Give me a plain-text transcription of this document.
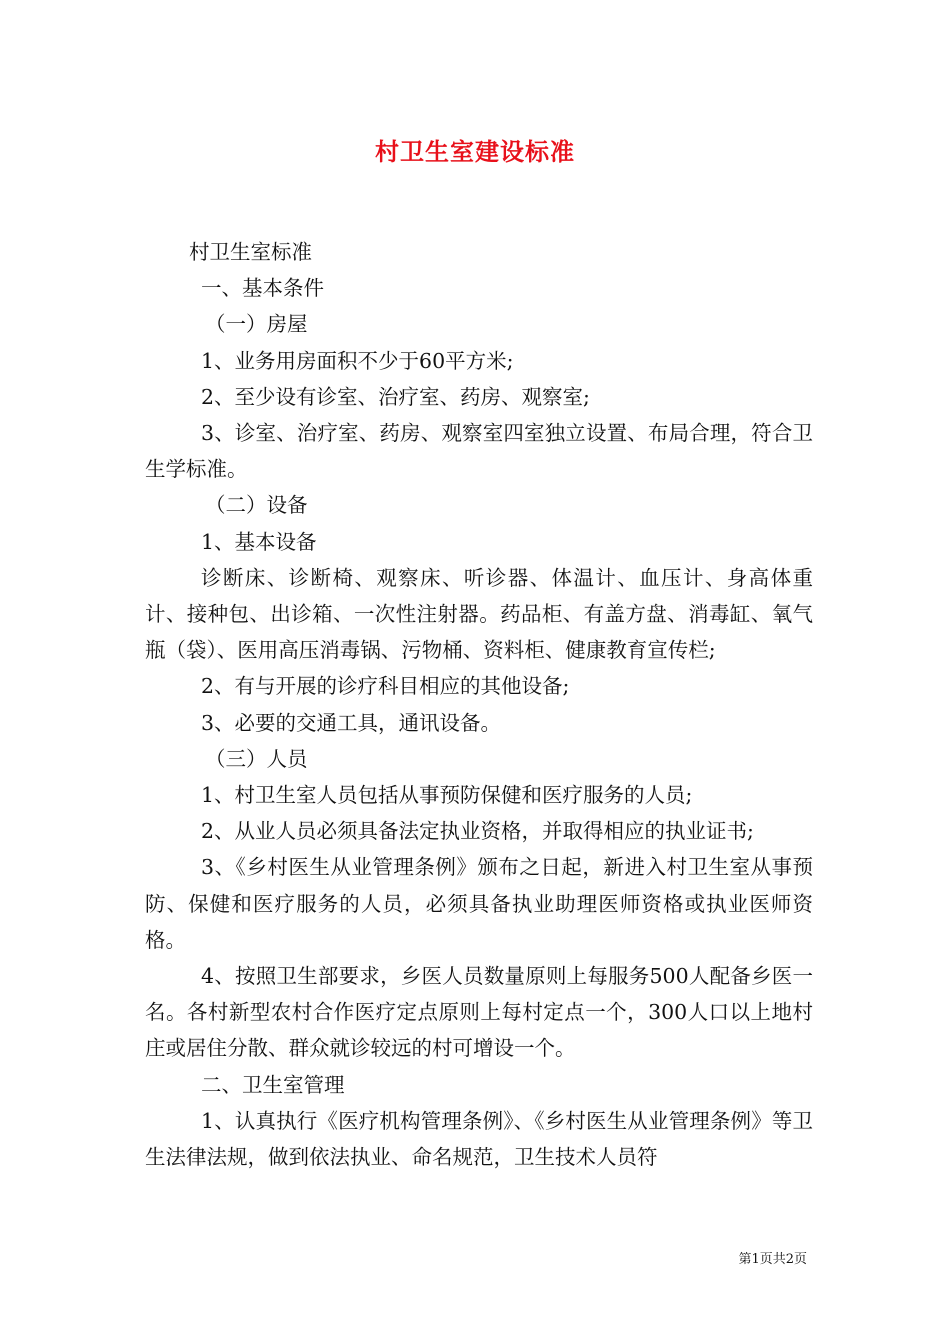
村卫生室建设标准

村卫生室标准

一、基本条件

（一）房屋

1、业务用房面积不少于60平方米;

2、至少设有诊室、治疗室、药房、观察室;

3、诊室、治疗室、药房、观察室四室独立设置、布局合理，符合卫生学标准。

（二）设备

1、基本设备

诊断床、诊断椅、观察床、听诊器、体温计、血压计、身高体重计、接种包、出诊箱、一次性注射器。药品柜、有盖方盘、消毒缸、氧气瓶（袋）、医用高压消毒锅、污物桶、资料柜、健康教育宣传栏;

2、有与开展的诊疗科目相应的其他设备;

3、必要的交通工具，通讯设备。

（三）人员

1、村卫生室人员包括从事预防保健和医疗服务的人员;

2、从业人员必须具备法定执业资格，并取得相应的执业证书;

3、《乡村医生从业管理条例》颁布之日起，新进入村卫生室从事预防、保健和医疗服务的人员，必须具备执业助理医师资格或执业医师资格。

4、按照卫生部要求，乡医人员数量原则上每服务500人配备乡医一名。各村新型农村合作医疗定点原则上每村定点一个，300人口以上地村庄或居住分散、群众就诊较远的村可增设一个。

二、卫生室管理

1、认真执行《医疗机构管理条例》、《乡村医生从业管理条例》等卫生法律法规，做到依法执业、命名规范，卫生技术人员符

第1页共2页
